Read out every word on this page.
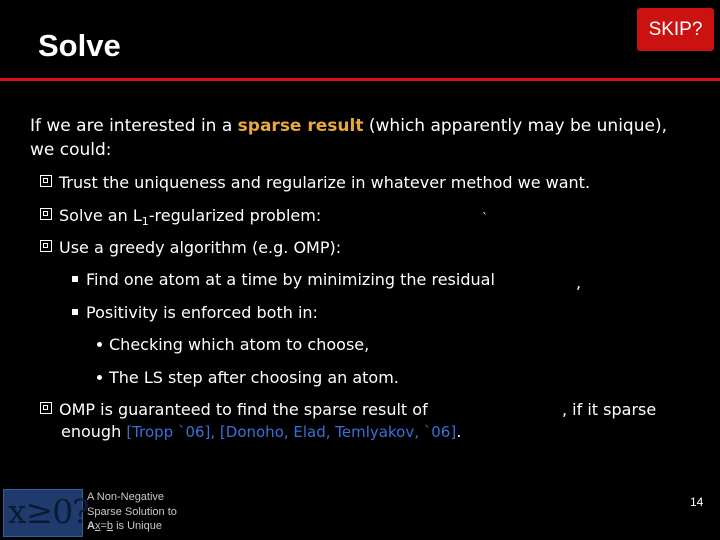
Solve	SKIP?
If we are interested in a sparse result (which apparently may be unique), we could:
Trust the uniqueness and regularize in whatever method we want.
Solve an $L_1$-regularized problem:	`
Use a greedy algorithm (e.g. OMP):
Find one atom at a time by minimizing the residual	,
Positivity is enforced both in:
Checking which atom to choose,
The LS step after choosing an atom.
OMP is guaranteed to find the sparse result of	, if it sparse
enough [Tropp `06], [Donoho, Elad, Temlyakov, `06].
x≥0?
A Non-Negative
Sparse Solution to
Ax=b is Unique
14
